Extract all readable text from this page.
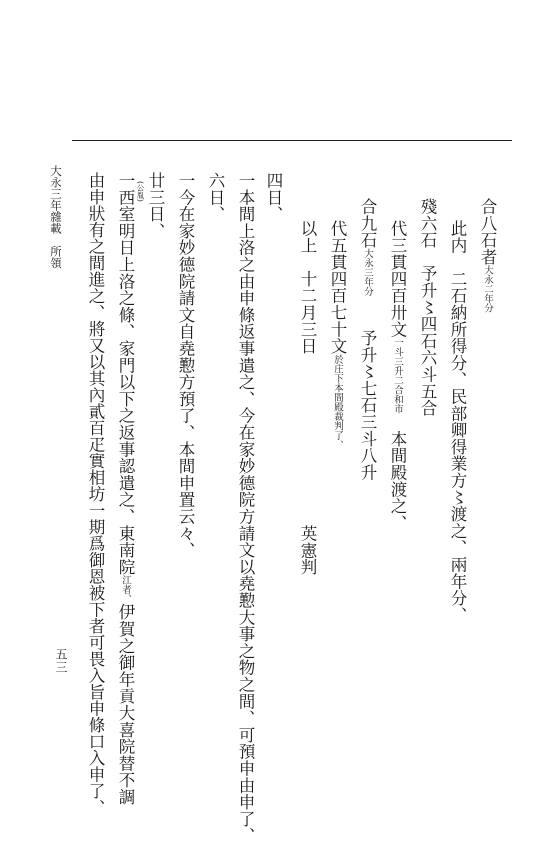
大永三年雜載　所領
五三
合八石者大永二年分
此内　二石納所得分、民部卿得業方〻渡之、兩年分、
殘六石　予升〻四石六斗五合
代三貫四百卅文一斗三升二合和市　本間殿渡之、
合九石大永三年分　　予升〻七石三斗八升
代五貫四百七十文於庄下本間殿裁判了、
以上　十二月三日
英憲判
四日、
一本間上洛之由申條返事遣之、今在家妙德院方請文以堯懃大事之物之間、可預申由申了、
六日、
一今在家妙德院請文自堯懃方預了、本間申置云々、
廿三日、
(公胤)
一西室明日上洛之條、家門以下之返事認遣之、東南院江者、伊賀之御年貢大喜院替不調
由申狀有之間進之、將又以其內貳百疋實相坊一期爲御恩被下者可畏入旨申條口入申了、
